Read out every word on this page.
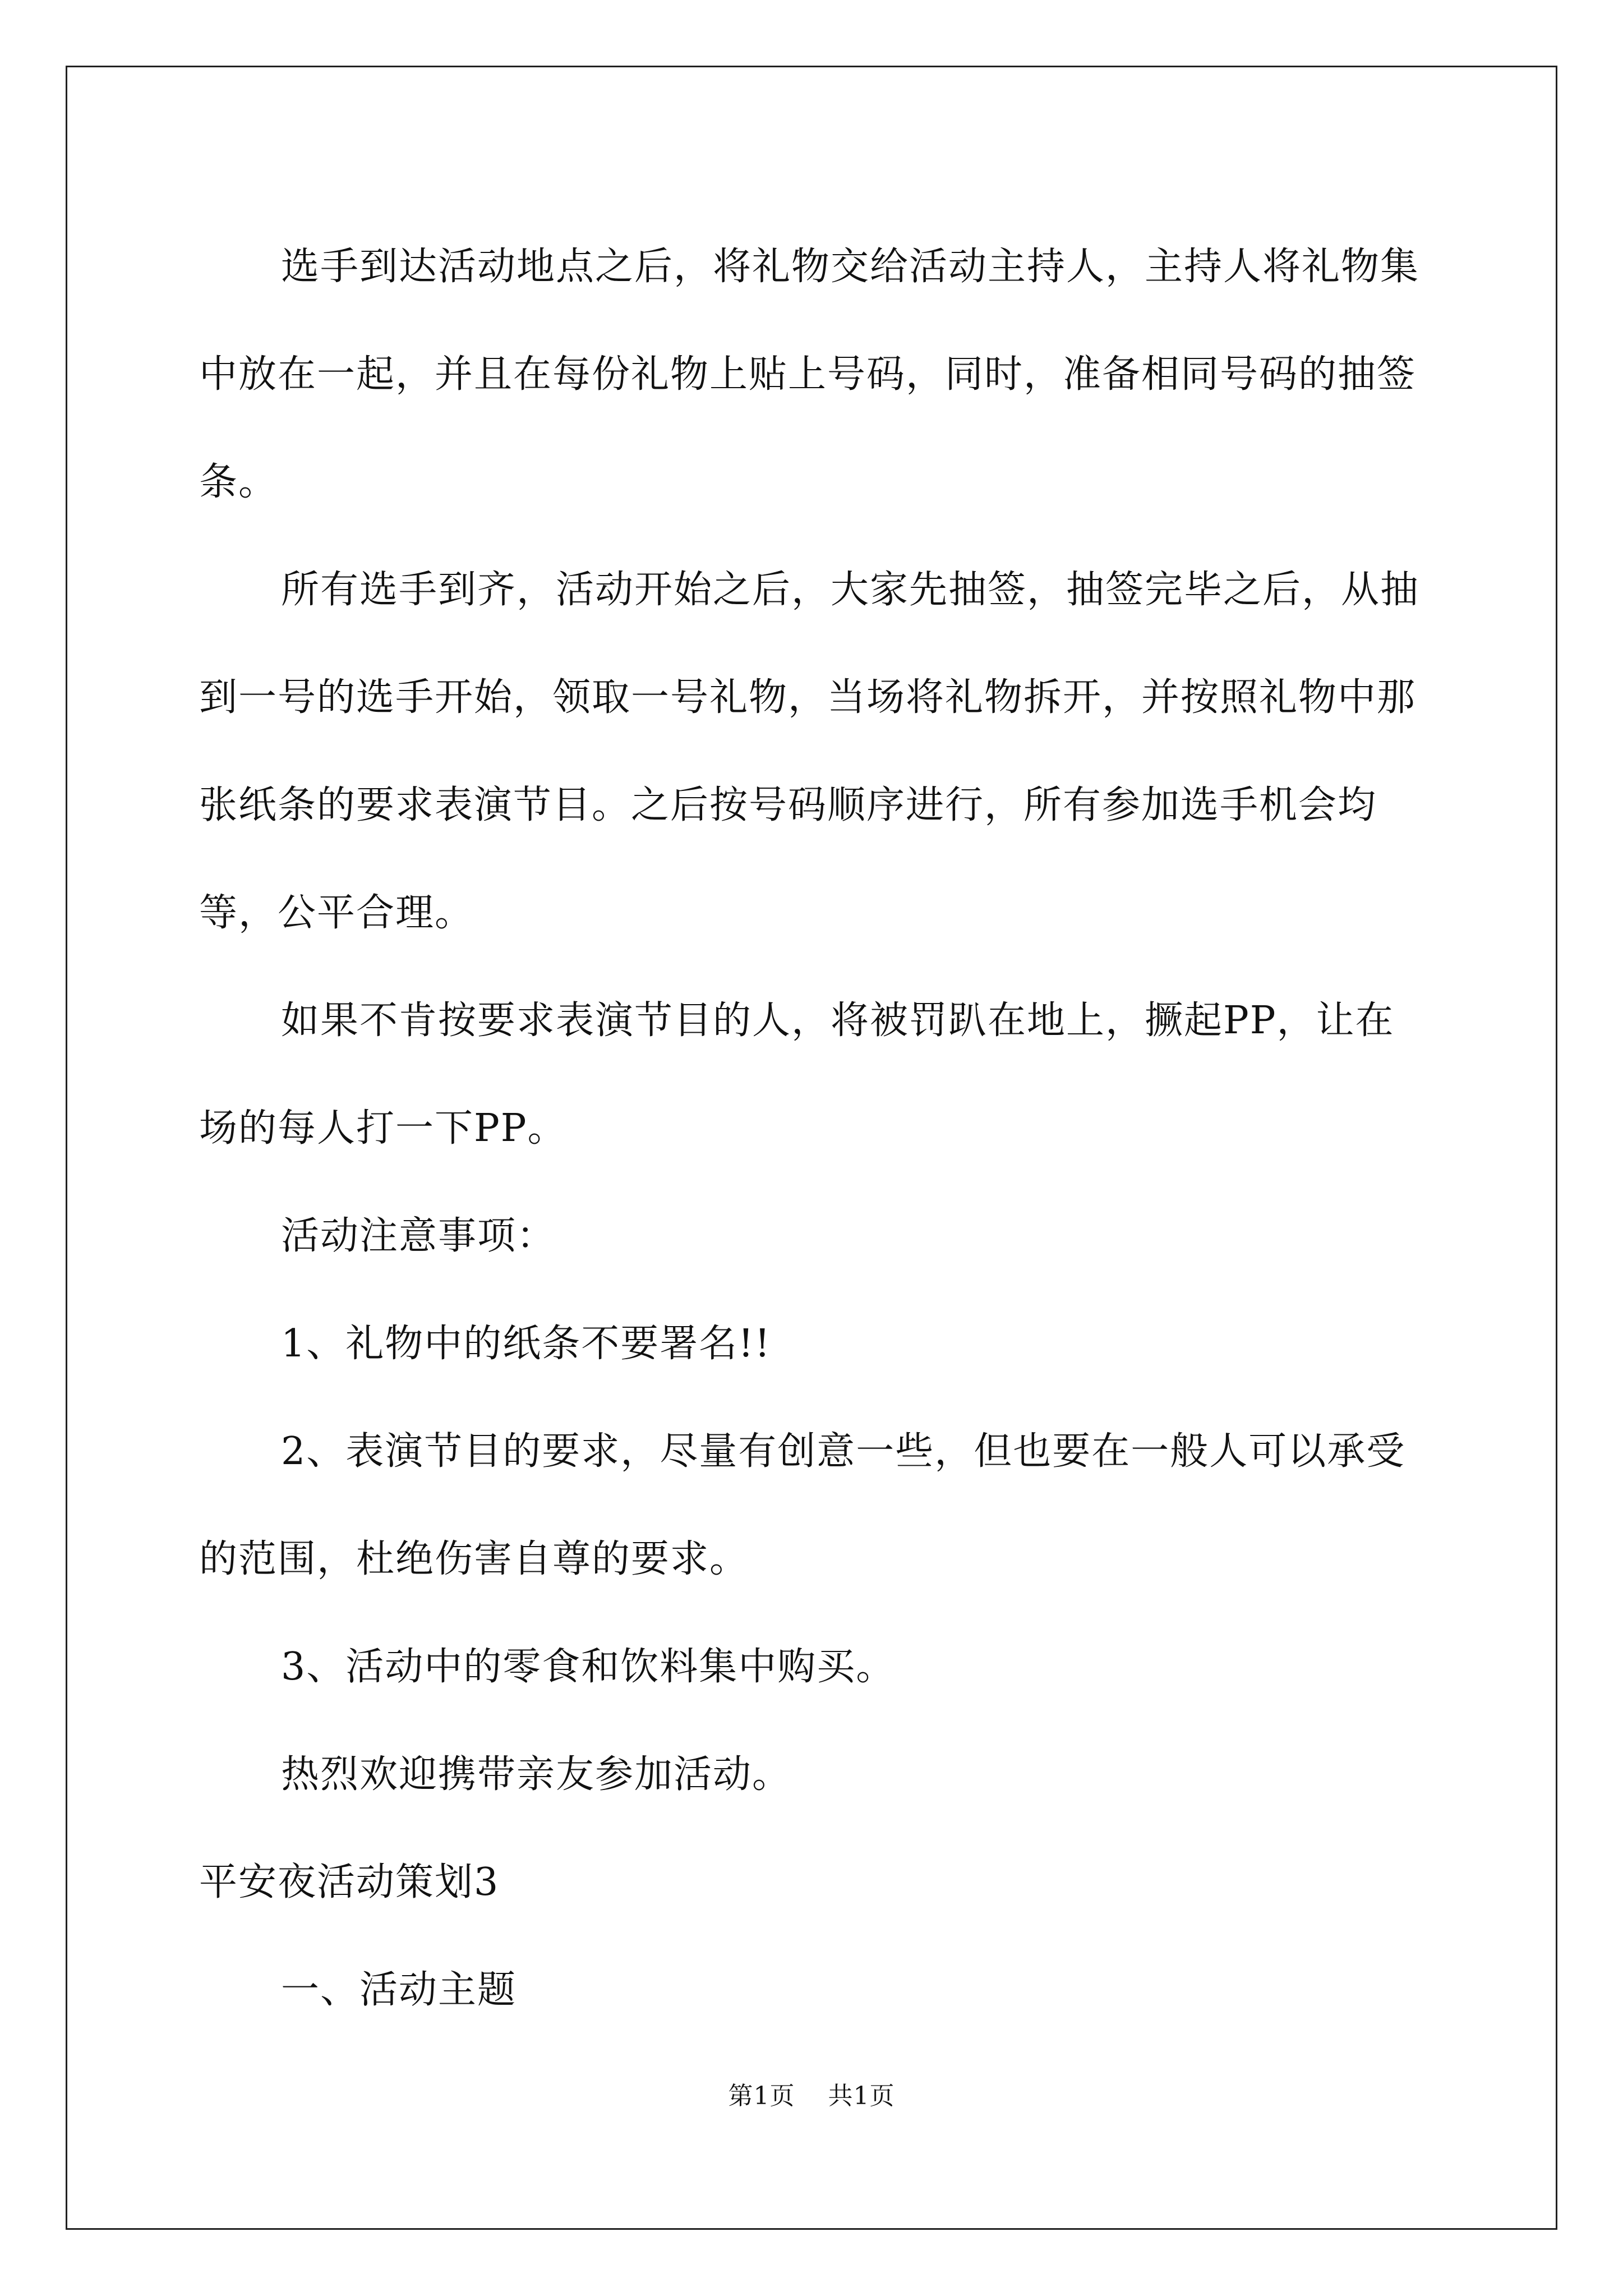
选手到达活动地点之后，将礼物交给活动主持人，主持人将礼物集中放在一起，并且在每份礼物上贴上号码，同时，准备相同号码的抽签条。

所有选手到齐，活动开始之后，大家先抽签，抽签完毕之后，从抽到一号的选手开始，领取一号礼物，当场将礼物拆开，并按照礼物中那张纸条的要求表演节目。之后按号码顺序进行，所有参加选手机会均等，公平合理。

如果不肯按要求表演节目的人，将被罚趴在地上，撅起PP，让在场的每人打一下PP。

活动注意事项：

1、礼物中的纸条不要署名!!

2、表演节目的要求，尽量有创意一些，但也要在一般人可以承受的范围，杜绝伤害自尊的要求。

3、活动中的零食和饮料集中购买。

热烈欢迎携带亲友参加活动。

平安夜活动策划3

一、活动主题

第1页 共1页
